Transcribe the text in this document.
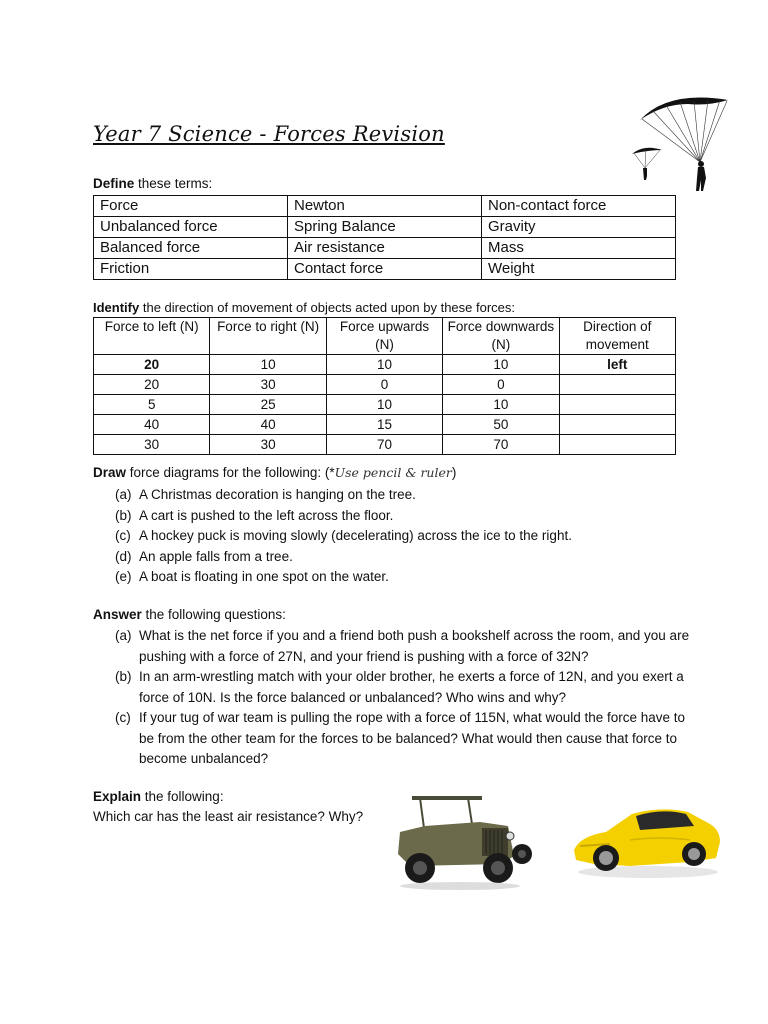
Year 7 Science - Forces Revision
Define these terms:
Force	Newton	Non-contact force
Unbalanced force	Spring Balance	Gravity
Balanced force	Air resistance	Mass
Friction	Contact force	Weight
Identify the direction of movement of objects acted upon by these forces:
Force to left (N)	Force to right (N)	Force upwards (N)	Force downwards (N)	Direction of movement
20	10	10	10	left
20	30	0	0	
5	25	10	10	
40	40	15	50	
30	30	70	70	
Draw force diagrams for the following: (*Use pencil & ruler)
(a) A Christmas decoration is hanging on the tree.
(b) A cart is pushed to the left across the floor.
(c) A hockey puck is moving slowly (decelerating) across the ice to the right.
(d) An apple falls from a tree.
(e) A boat is floating in one spot on the water.
Answer the following questions:
(a) What is the net force if you and a friend both push a bookshelf across the room, and you are pushing with a force of 27N, and your friend is pushing with a force of 32N?
(b) In an arm-wrestling match with your older brother, he exerts a force of 12N, and you exert a force of 10N. Is the force balanced or unbalanced? Who wins and why?
(c) If your tug of war team is pulling the rope with a force of 115N, what would the force have to be from the other team for the forces to be balanced? What would then cause that force to become unbalanced?
Explain the following:
Which car has the least air resistance? Why?
